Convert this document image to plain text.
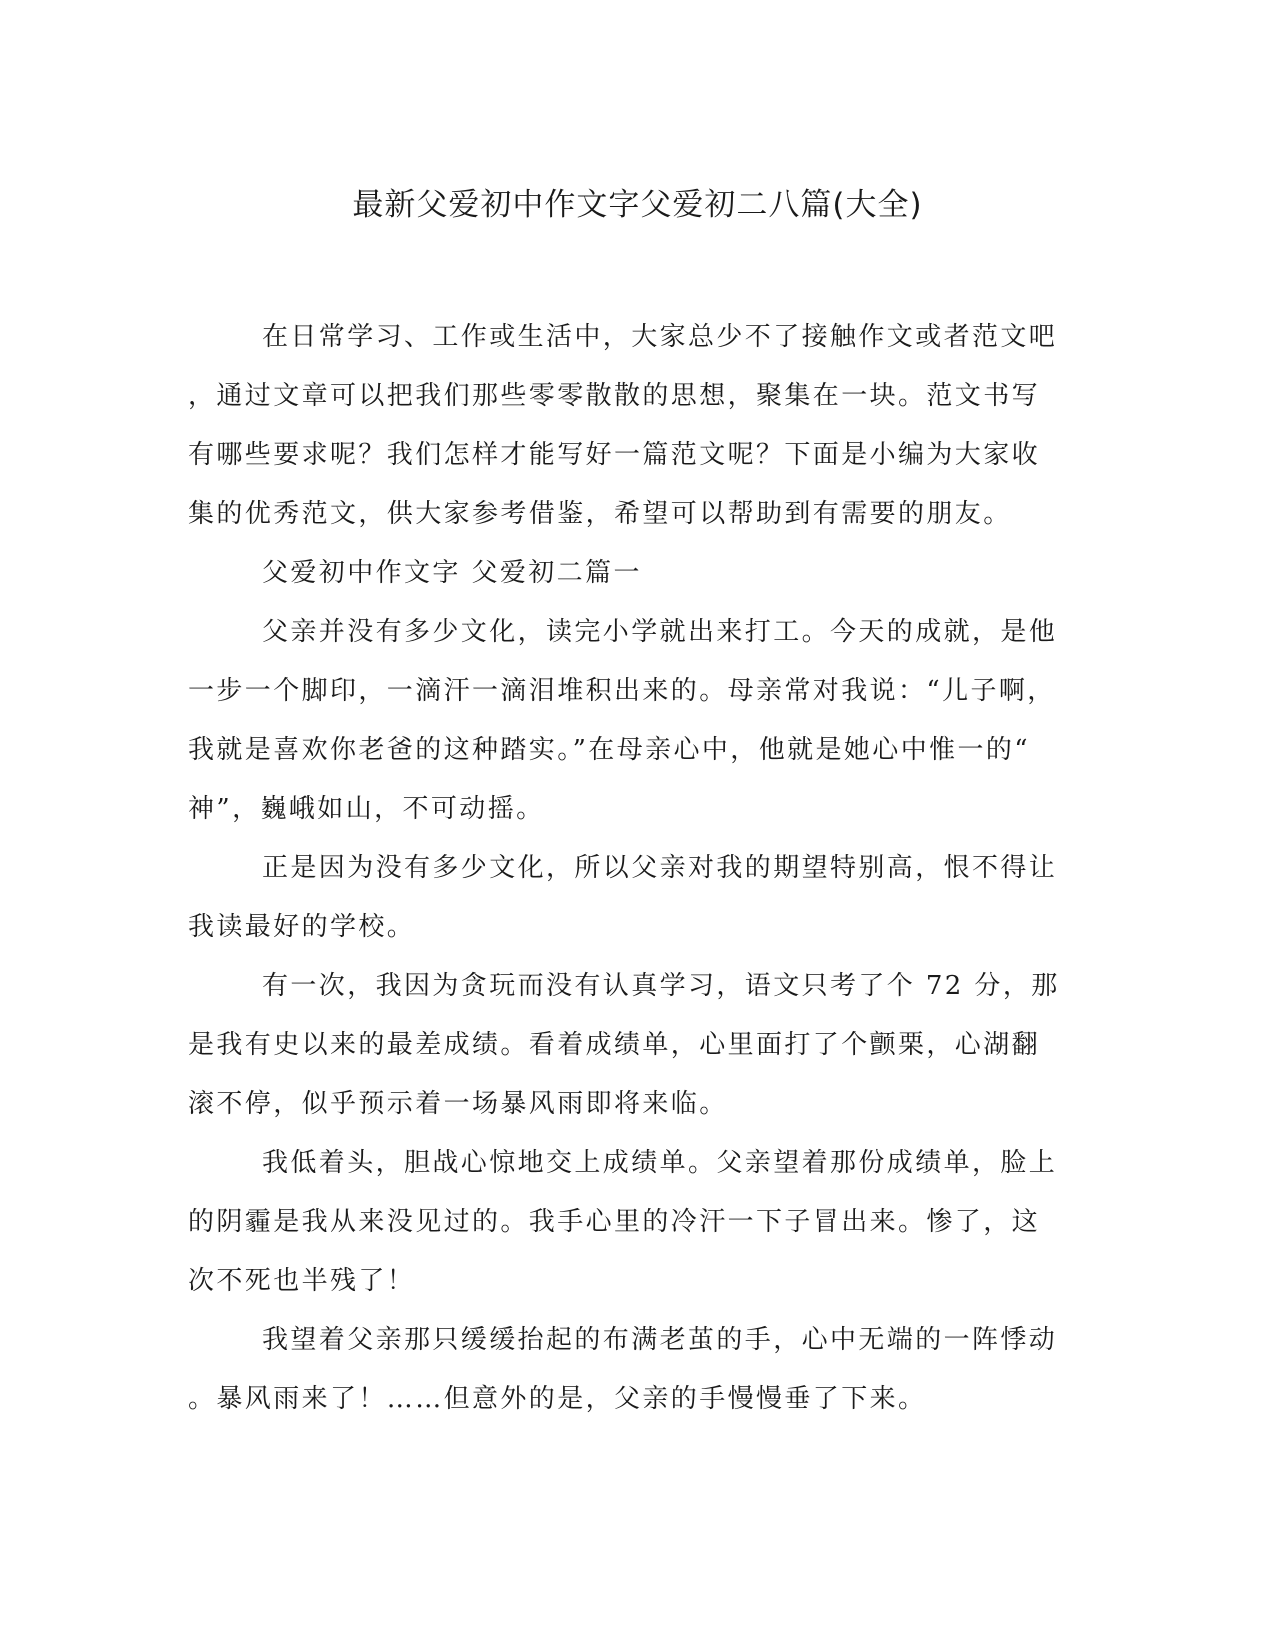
最新父爱初中作文字父爱初二八篇(大全)
在日常学习、工作或生活中，大家总少不了接触作文或者范文吧
，通过文章可以把我们那些零零散散的思想，聚集在一块。范文书写
有哪些要求呢？我们怎样才能写好一篇范文呢？下面是小编为大家收
集的优秀范文，供大家参考借鉴，希望可以帮助到有需要的朋友。
父爱初中作文字 父爱初二篇一
父亲并没有多少文化，读完小学就出来打工。今天的成就，是他
一步一个脚印，一滴汗一滴泪堆积出来的。母亲常对我说：“儿子啊，
我就是喜欢你老爸的这种踏实。”在母亲心中，他就是她心中惟一的“
神”，巍峨如山，不可动摇。
正是因为没有多少文化，所以父亲对我的期望特别高，恨不得让
我读最好的学校。
有一次，我因为贪玩而没有认真学习，语文只考了个 72 分，那
是我有史以来的最差成绩。看着成绩单，心里面打了个颤栗，心湖翻
滚不停，似乎预示着一场暴风雨即将来临。
我低着头，胆战心惊地交上成绩单。父亲望着那份成绩单，脸上
的阴霾是我从来没见过的。我手心里的冷汗一下子冒出来。惨了，这
次不死也半残了！
我望着父亲那只缓缓抬起的布满老茧的手，心中无端的一阵悸动
。暴风雨来了！……但意外的是，父亲的手慢慢垂了下来。
